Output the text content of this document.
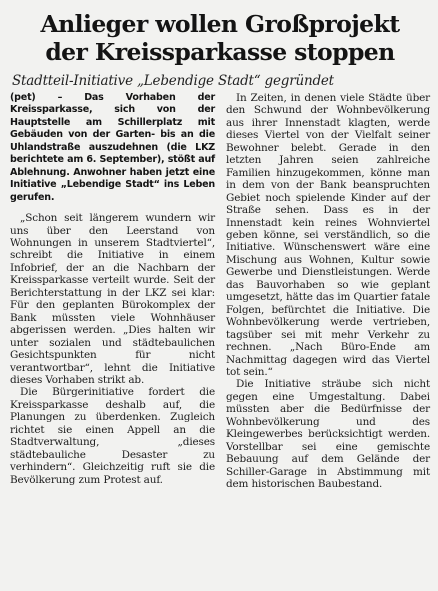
Anlieger wollen Großprojekt
der Kreissparkasse stoppen
Stadtteil-Initiative „Lebendige Stadt“ gegründet

(pet) – Das Vorhaben der Kreissparkasse, sich von der Hauptstelle am Schillerplatz mit Gebäuden von der Garten- bis an die Uhlandstraße auszudehnen (die LKZ berichtete am 6. September), stößt auf Ablehnung. Anwohner haben jetzt eine Initiative „Lebendige Stadt“ ins Leben gerufen.

„Schon seit längerem wundern wir uns über den Leerstand von Wohnungen in unserem Stadtviertel“, schreibt die Initiative in einem Infobrief, der an die Nachbarn der Kreissparkasse verteilt wurde. Seit der Berichterstattung in der LKZ sei klar: Für den geplanten Bürokomplex der Bank müssten viele Wohnhäuser abgerissen werden. „Dies halten wir unter sozialen und städtebaulichen Gesichtspunkten für nicht verantwortbar“, lehnt die Initiative dieses Vorhaben strikt ab.

Die Bürgerinitiative fordert die Kreissparkasse deshalb auf, die Planungen zu überdenken. Zugleich richtet sie einen Appell an die Stadtverwaltung, „dieses städtebauliche Desaster zu verhindern“. Gleichzeitig ruft sie die Bevölkerung zum Protest auf.

In Zeiten, in denen viele Städte über den Schwund der Wohnbevölkerung aus ihrer Innenstadt klagten, werde dieses Viertel von der Vielfalt seiner Bewohner belebt. Gerade in den letzten Jahren seien zahlreiche Familien hinzugekommen, könne man in dem von der Bank beanspruchten Gebiet noch spielende Kinder auf der Straße sehen. Dass es in der Innenstadt kein reines Wohnviertel geben könne, sei verständlich, so die Initiative. Wünschenswert wäre eine Mischung aus Wohnen, Kultur sowie Gewerbe und Dienstleistungen. Werde das Bauvorhaben so wie geplant umgesetzt, hätte das im Quartier fatale Folgen, befürchtet die Initiative. Die Wohnbevölkerung werde vertrieben, tagsüber sei mit mehr Verkehr zu rechnen. „Nach Büro-Ende am Nachmittag dagegen wird das Viertel tot sein.“

Die Initiative sträube sich nicht gegen eine Umgestaltung. Dabei müssten aber die Bedürfnisse der Wohnbevölkerung und des Kleingewerbes berücksichtigt werden. Vorstellbar sei eine gemischte Bebauung auf dem Gelände der Schiller-Garage in Abstimmung mit dem historischen Baubestand.
